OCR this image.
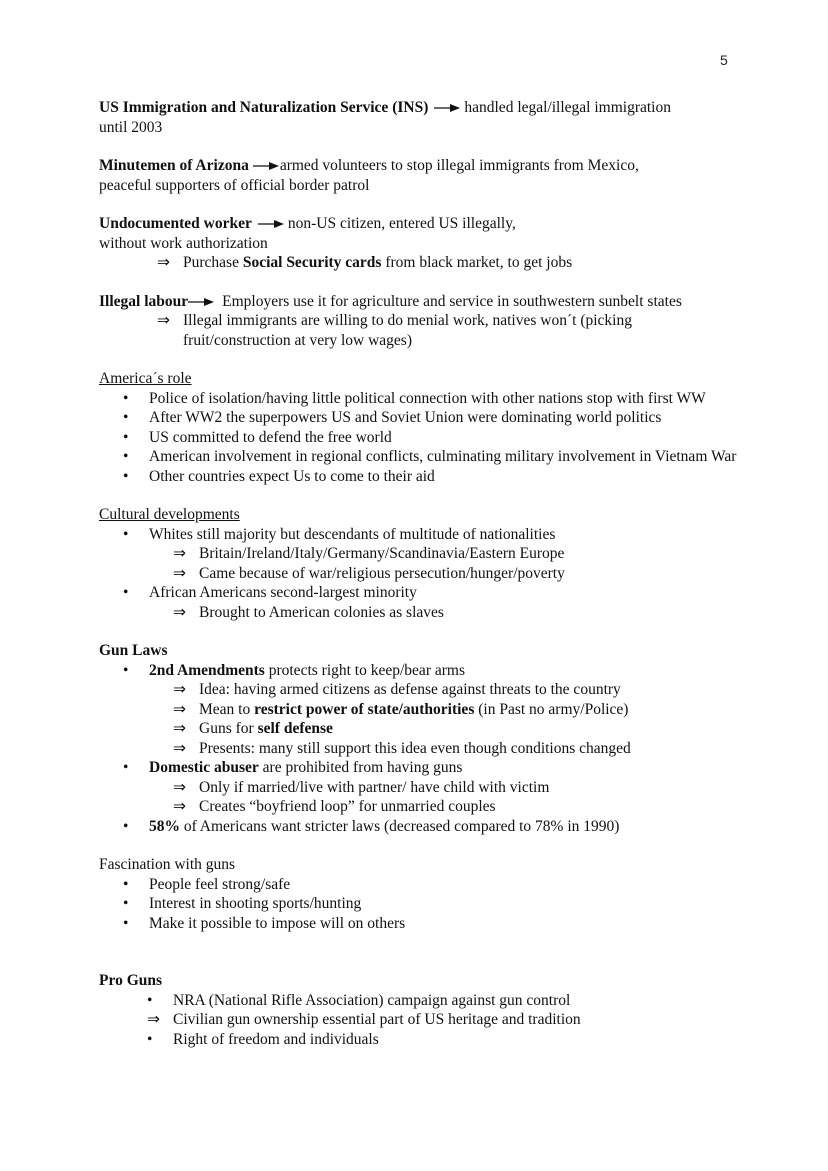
5

US Immigration and Naturalization Service (INS) handled legal/illegal immigration

until 2003

Minutemen of Arizona armed volunteers to stop illegal immigrants from Mexico,

peaceful supporters of official border patrol

Undocumented worker non-US citizen, entered US illegally,

without work authorization

⇒ Purchase Social Security cards from black market, to get jobs

Illegal labour Employers use it for agriculture and service in southwestern sunbelt states

⇒ Illegal immigrants are willing to do menial work, natives won´t (picking
fruit/construction at very low wages)

America´s role

• Police of isolation/having little political connection with other nations stop with first WW
• After WW2 the superpowers US and Soviet Union were dominating world politics
• US committed to defend the free world
• American involvement in regional conflicts, culminating military involvement in Vietnam War
• Other countries expect Us to come to their aid

Cultural developments

• Whites still majority but descendants of multitude of nationalities
⇒ Britain/Ireland/Italy/Germany/Scandinavia/Eastern Europe
⇒ Came because of war/religious persecution/hunger/poverty
• African Americans second-largest minority
⇒ Brought to American colonies as slaves

Gun Laws

• 2nd Amendments protects right to keep/bear arms
⇒ Idea: having armed citizens as defense against threats to the country
⇒ Mean to restrict power of state/authorities (in Past no army/Police)
⇒ Guns for self defense
⇒ Presents: many still support this idea even though conditions changed
• Domestic abuser are prohibited from having guns
⇒ Only if married/live with partner/ have child with victim
⇒ Creates “boyfriend loop” for unmarried couples
• 58% of Americans want stricter laws (decreased compared to 78% in 1990)

Fascination with guns

• People feel strong/safe
• Interest in shooting sports/hunting
• Make it possible to impose will on others

Pro Guns

• NRA (National Rifle Association) campaign against gun control
⇒ Civilian gun ownership essential part of US heritage and tradition
• Right of freedom and individuals
